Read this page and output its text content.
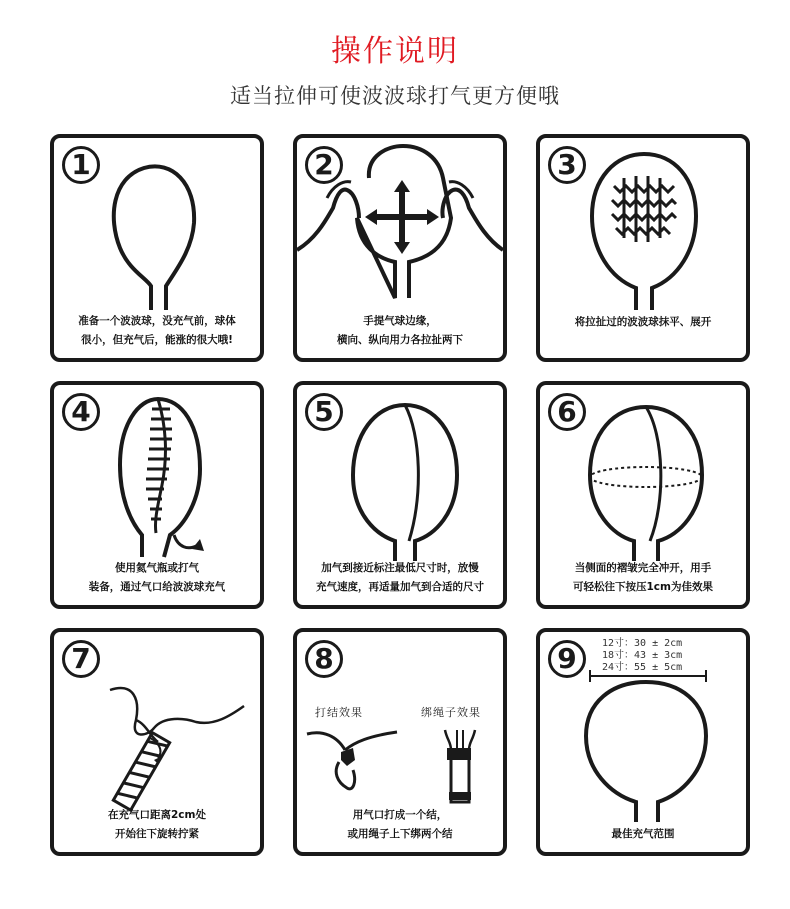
操作说明
适当拉伸可使波波球打气更方便哦
1
准备一个波波球，没充气前，球体
很小，但充气后，能涨的很大哦!
2
手提气球边缘，
横向、纵向用力各拉扯两下
3
将拉扯过的波波球抹平、展开
4
使用氦气瓶或打气
装备，通过气口给波波球充气
5
加气到接近标注最低尺寸时，放慢
充气速度，再适量加气到合适的尺寸
6
当侧面的褶皱完全冲开，用手
可轻松往下按压1cm为佳效果
7
在充气口距离2cm处
开始往下旋转拧紧
8
打结效果	绑绳子效果
用气口打成一个结，
或用绳子上下绑两个结
9	12寸：30 ± 2cm
18寸：43 ± 3cm
24寸：55 ± 5cm
最佳充气范围
